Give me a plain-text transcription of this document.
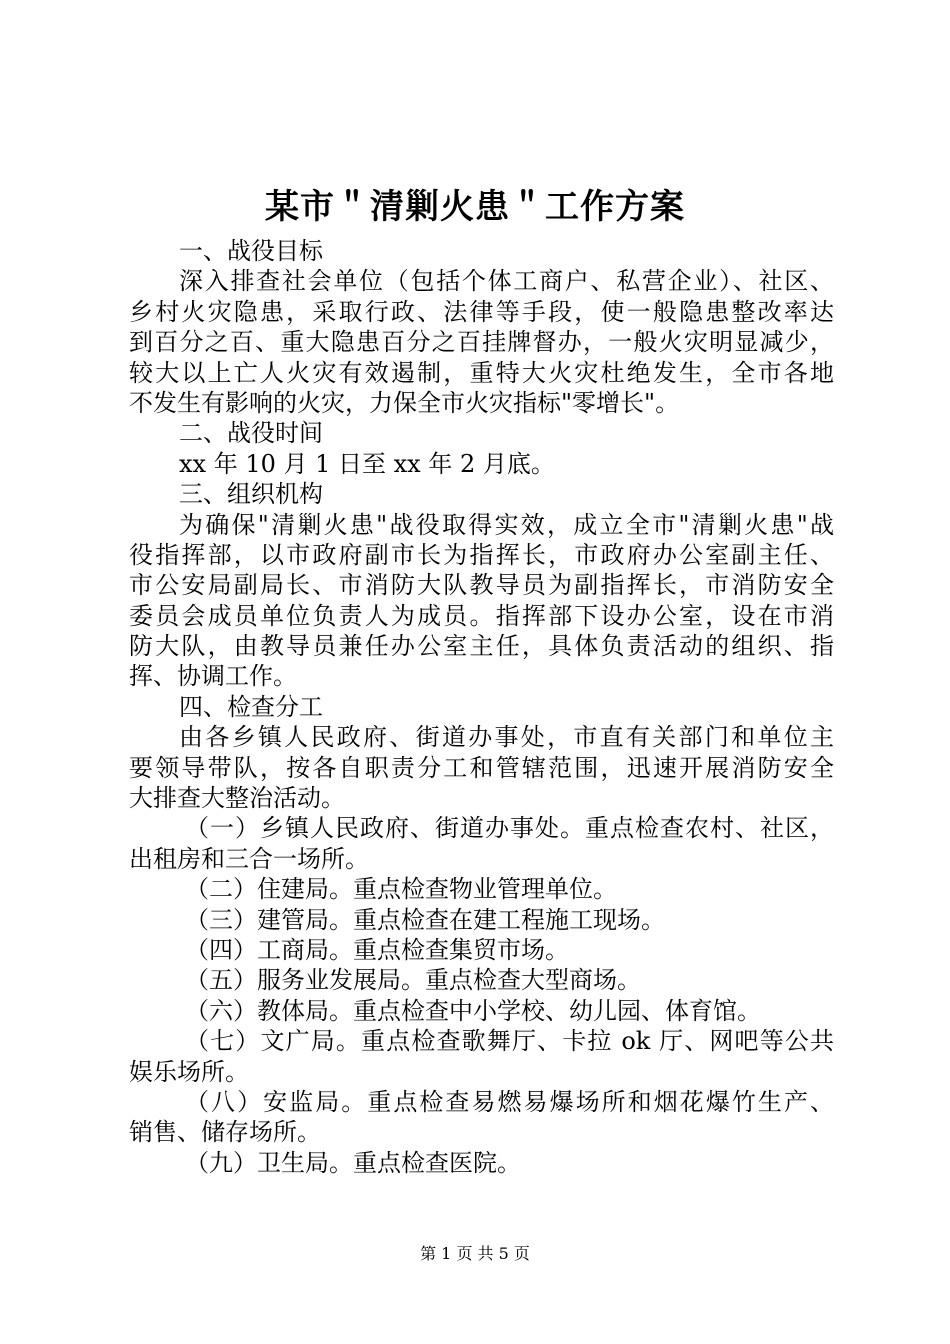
某市＂清剿火患＂工作方案
一、战役目标
深入排查社会单位（包括个体工商户、私营企业）、社区、
乡村火灾隐患，采取行政、法律等手段，使一般隐患整改率达
到百分之百、重大隐患百分之百挂牌督办，一般火灾明显减少，
较大以上亡人火灾有效遏制，重特大火灾杜绝发生，全市各地
不发生有影响的火灾，力保全市火灾指标"零增长"。
二、战役时间
xx 年 10 月 1 日至 xx 年 2 月底。
三、组织机构
为确保"清剿火患"战役取得实效，成立全市"清剿火患"战
役指挥部，以市政府副市长为指挥长，市政府办公室副主任、
市公安局副局长、市消防大队教导员为副指挥长，市消防安全
委员会成员单位负责人为成员。指挥部下设办公室，设在市消
防大队，由教导员兼任办公室主任，具体负责活动的组织、指
挥、协调工作。
四、检查分工
由各乡镇人民政府、街道办事处，市直有关部门和单位主
要领导带队，按各自职责分工和管辖范围，迅速开展消防安全
大排查大整治活动。
（一）乡镇人民政府、街道办事处。重点检查农村、社区，
出租房和三合一场所。
（二）住建局。重点检查物业管理单位。
（三）建管局。重点检查在建工程施工现场。
（四）工商局。重点检查集贸市场。
（五）服务业发展局。重点检查大型商场。
（六）教体局。重点检查中小学校、幼儿园、体育馆。
（七）文广局。重点检查歌舞厅、卡拉 ok 厅、网吧等公共
娱乐场所。
（八）安监局。重点检查易燃易爆场所和烟花爆竹生产、
销售、储存场所。
（九）卫生局。重点检查医院。
第 1 页 共 5 页
